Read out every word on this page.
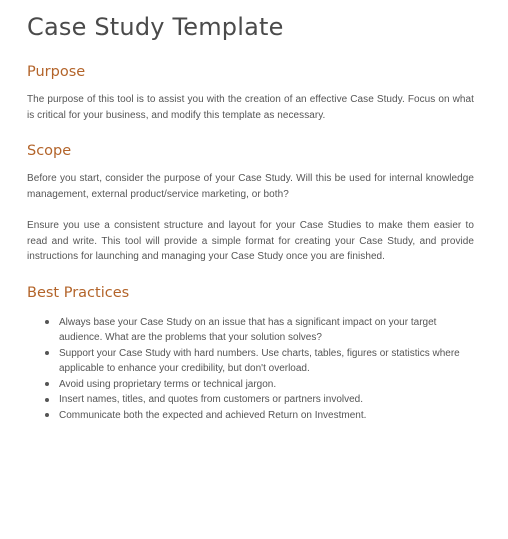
Case Study Template
Purpose

The purpose of this tool is to assist you with the creation of an effective Case Study. Focus on what is critical for your business, and modify this template as necessary.

Scope

Before you start, consider the purpose of your Case Study. Will this be used for internal knowledge management, external product/service marketing, or both?

Ensure you use a consistent structure and layout for your Case Studies to make them easier to read and write. This tool will provide a simple format for creating your Case Study, and provide instructions for launching and managing your Case Study once you are finished.

Best Practices
Always base your Case Study on an issue that has a significant impact on your target audience. What are the problems that your solution solves?
Support your Case Study with hard numbers. Use charts, tables, figures or statistics where applicable to enhance your credibility, but don't overload.
Avoid using proprietary terms or technical jargon.
Insert names, titles, and quotes from customers or partners involved.
Communicate both the expected and achieved Return on Investment.
